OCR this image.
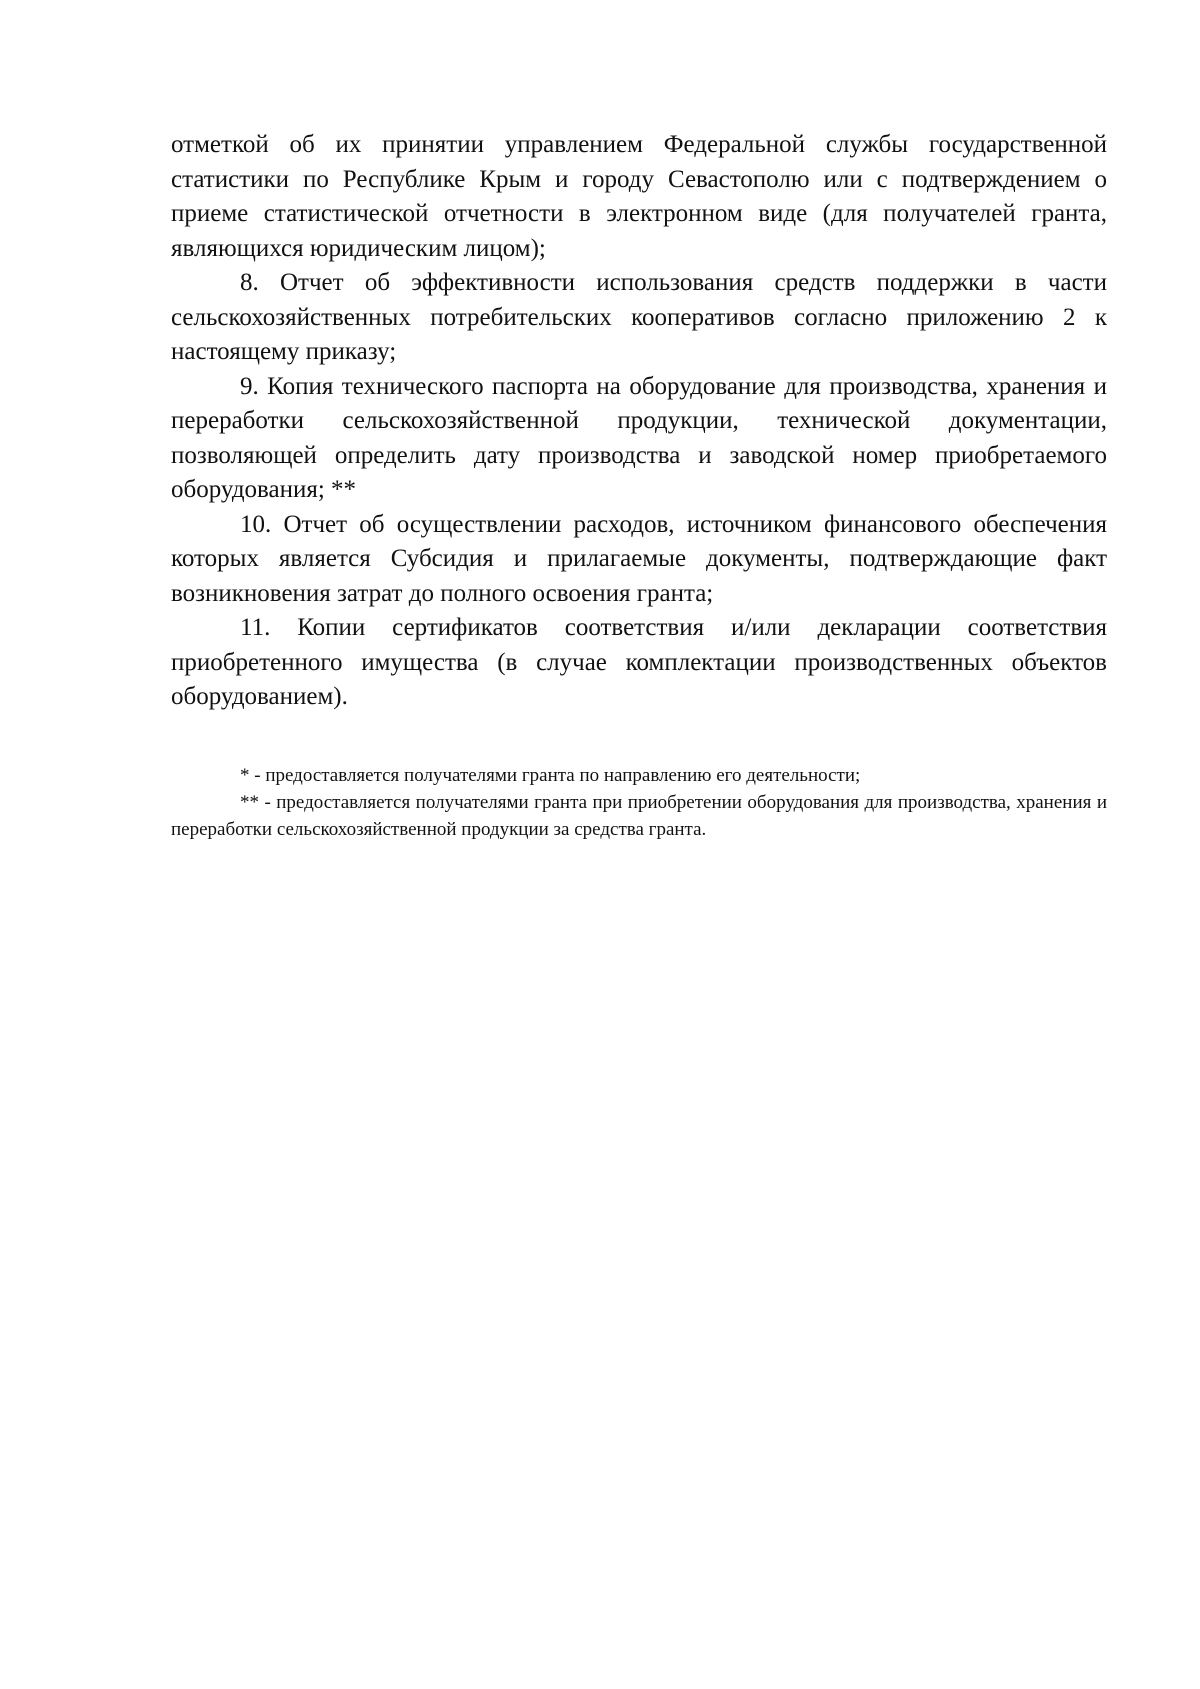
отметкой об их принятии управлением Федеральной службы государственной статистики по Республике Крым и городу Севастополю или с подтверждением о приеме статистической отчетности в электронном виде (для получателей гранта, являющихся юридическим лицом);

8. Отчет об эффективности использования средств поддержки в части сельскохозяйственных потребительских кооперативов согласно приложению 2 к настоящему приказу;

9. Копия технического паспорта на оборудование для производства, хранения и переработки сельскохозяйственной продукции, технической документации, позволяющей определить дату производства и заводской номер приобретаемого оборудования; **

10. Отчет об осуществлении расходов, источником финансового обеспечения которых является Субсидия и прилагаемые документы, подтверждающие факт возникновения затрат до полного освоения гранта;

11. Копии сертификатов соответствия и/или декларации соответствия приобретенного имущества (в случае комплектации производственных объектов оборудованием).

* - предоставляется получателями гранта по направлению его деятельности;

** - предоставляется получателями гранта при приобретении оборудования для производства, хранения и переработки сельскохозяйственной продукции за средства гранта.
